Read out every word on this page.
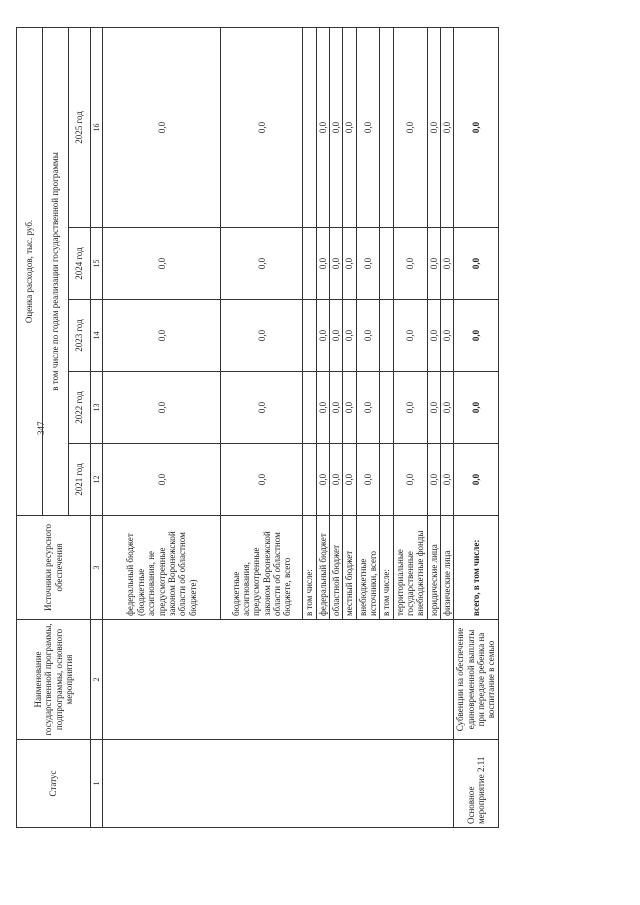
347
Статус	Наименование государственной программы, подпрограммы, основного мероприятия	Источники ресурсного обеспечения	Оценка расходов, тыс. руб.				
			в том числе по годам реализации государственной программы				
			2021 год	2022 год	2023 год	2024 год	2025 год
1	2	3	12	13	14	15	16
		федеральный бюджет (бюджетные ассигнования, не предусмотренные законом Воронежской области об областном бюджете)	0,0	0,0	0,0	0,0	0,0
		бюджетные ассигнования, предусмотренные законом Воронежской области об областном бюджете, всего	0,0	0,0	0,0	0,0	0,0
		в том числе:					
		федеральный бюджет	0,0	0,0	0,0	0,0	0,0
		областной бюджет	0,0	0,0	0,0	0,0	0,0
		местный бюджет	0,0	0,0	0,0	0,0	0,0
		внебюджетные источники, всего	0,0	0,0	0,0	0,0	0,0
		в том числе:					
		территориальные государственные внебюджетные фонды	0,0	0,0	0,0	0,0	0,0
		юридические лица	0,0	0,0	0,0	0,0	0,0
		физические лица	0,0	0,0	0,0	0,0	0,0
Основное мероприятие 2.11	Субвенции на обеспечение единовременной выплаты при передаче ребенка на воспитание в семью	всего, в том числе:	0,0	0,0	0,0	0,0	0,0
